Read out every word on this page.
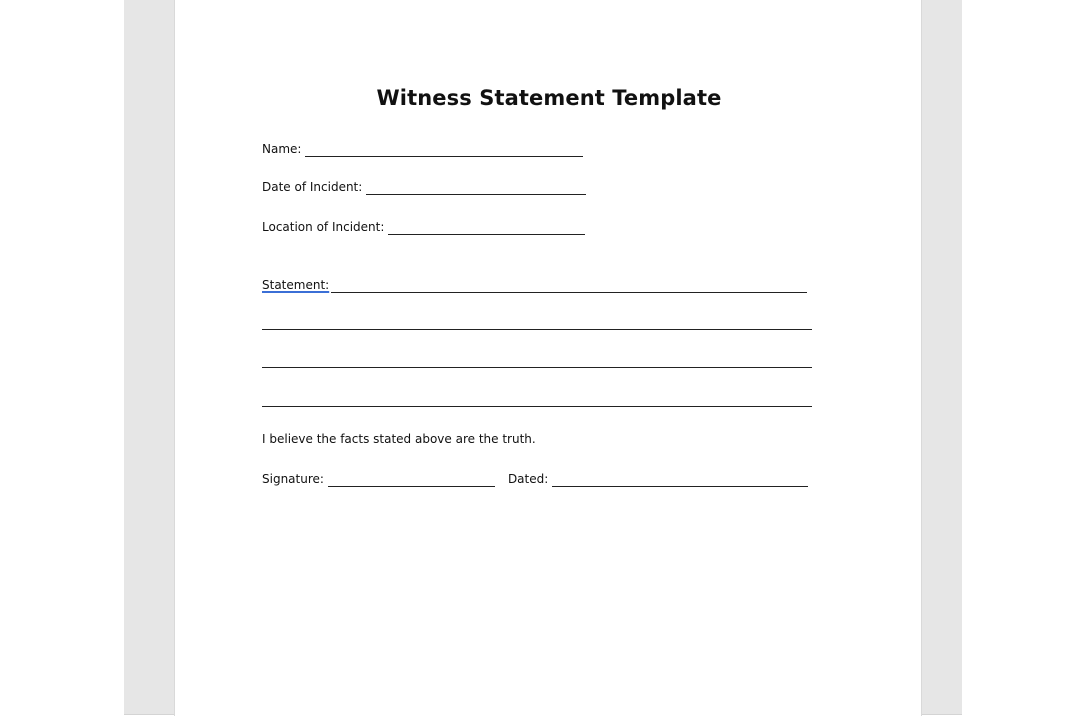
Witness Statement Template
Name:
Date of Incident:
Location of Incident:
Statement:
I believe the facts stated above are the truth.
Signature:	Dated:
